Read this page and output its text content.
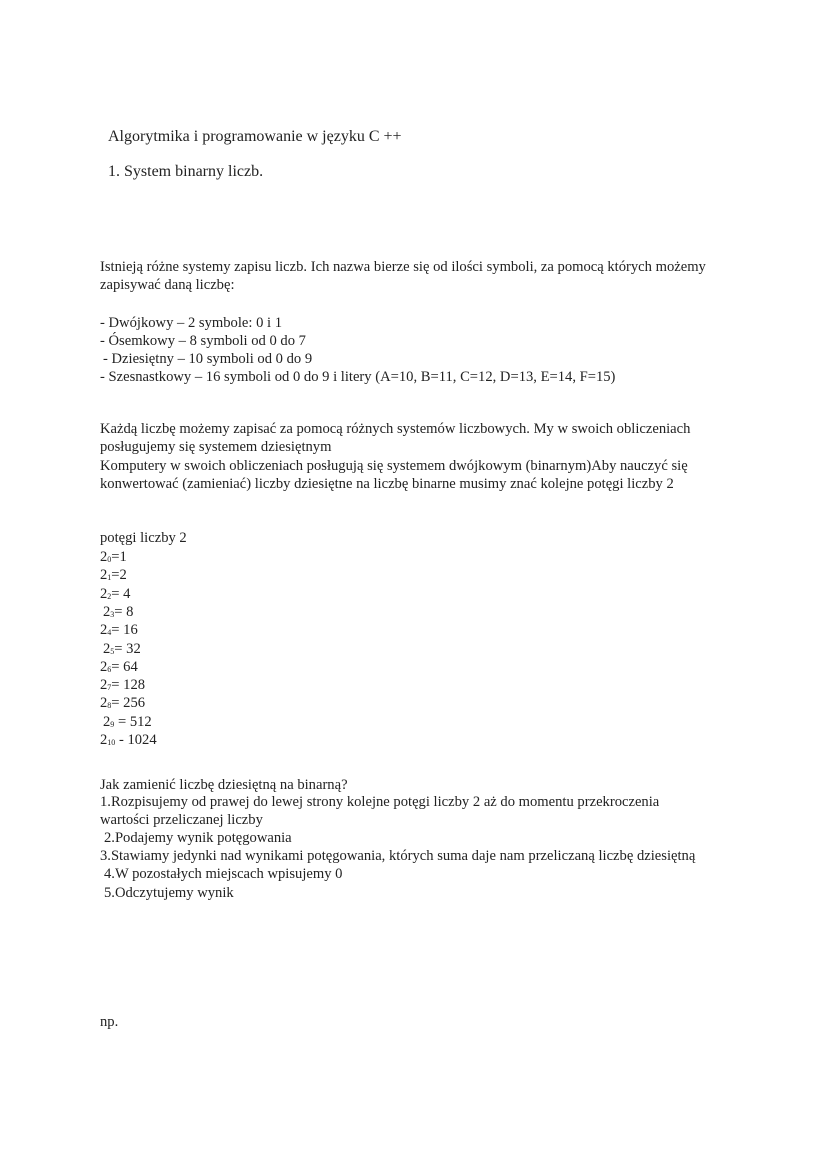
Algorytmika i programowanie w języku C ++
1. System binarny liczb.
Istnieją różne systemy zapisu liczb. Ich nazwa bierze się od ilości symboli, za pomocą których możemy
zapisywać daną liczbę:
- Dwójkowy – 2 symbole: 0 i 1
- Ósemkowy – 8 symboli od 0 do 7
- Dziesiętny – 10 symboli od 0 do 9
- Szesnastkowy – 16 symboli od 0 do 9 i litery (A=10, B=11, C=12, D=13, E=14, F=15)
Każdą liczbę możemy zapisać za pomocą różnych systemów liczbowych. My w swoich obliczeniach
posługujemy się systemem dziesiętnym
Komputery w swoich obliczeniach posługują się systemem dwójkowym (binarnym)Aby nauczyć się
konwertować (zamieniać) liczby dziesiętne na liczbę binarne musimy znać kolejne potęgi liczby 2
potęgi liczby 2
$2_0=1$
$2_1=2$
$2_2= 4$
$2_3= 8$
$2_4= 16$
$2_5= 32$
$2_6= 64$
$2_7= 128$
$2_8= 256$
$2_9 = 512$
$2_{10} - 1024$
Jak zamienić liczbę dziesiętną na binarną?
1.Rozpisujemy od prawej do lewej strony kolejne potęgi liczby 2 aż do momentu przekroczenia
wartości przeliczanej liczby
2.Podajemy wynik potęgowania
3.Stawiamy jedynki nad wynikami potęgowania, których suma daje nam przeliczaną liczbę dziesiętną
4.W pozostałych miejscach wpisujemy 0
5.Odczytujemy wynik
np.
